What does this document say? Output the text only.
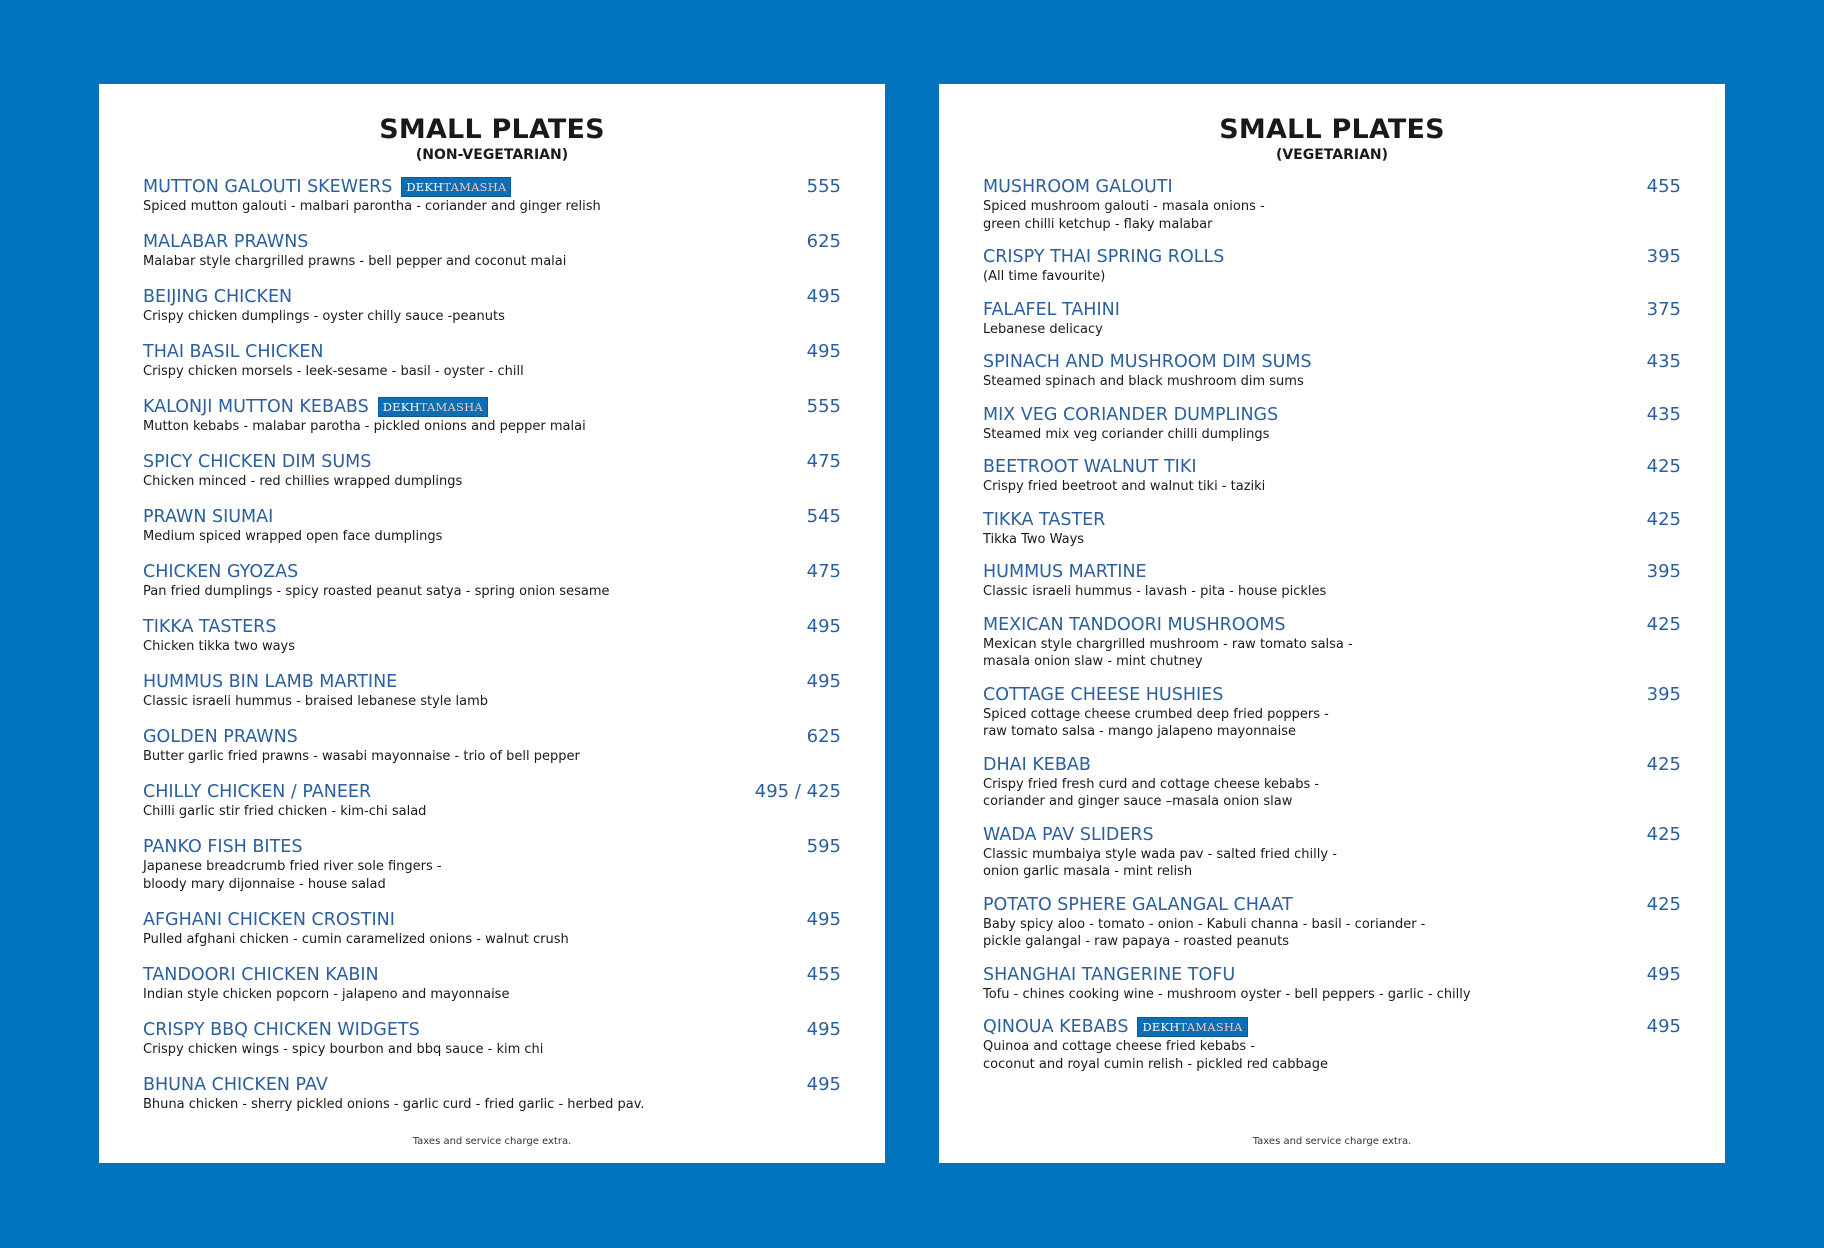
SMALL PLATES
(NON-VEGETARIAN)
MUTTON GALOUTI SKEWERS DEKHTAMASHA	555
Spiced mutton galouti - malbari parontha - coriander and ginger relish
MALABAR PRAWNS	625
Malabar style chargrilled prawns - bell pepper and coconut malai
BEIJING CHICKEN	495
Crispy chicken dumplings - oyster chilly sauce -peanuts
THAI BASIL CHICKEN	495
Crispy chicken morsels - leek-sesame - basil - oyster - chill
KALONJI MUTTON KEBABS DEKHTAMASHA	555
Mutton kebabs - malabar parotha - pickled onions and pepper malai
SPICY CHICKEN DIM SUMS	475
Chicken minced - red chillies wrapped dumplings
PRAWN SIUMAI	545
Medium spiced wrapped open face dumplings
CHICKEN GYOZAS	475
Pan fried dumplings - spicy roasted peanut satya - spring onion sesame
TIKKA TASTERS	495
Chicken tikka two ways
HUMMUS BIN LAMB MARTINE	495
Classic israeli hummus - braised lebanese style lamb
GOLDEN PRAWNS	625
Butter garlic fried prawns - wasabi mayonnaise - trio of bell pepper
CHILLY CHICKEN / PANEER	495 / 425
Chilli garlic stir fried chicken - kim-chi salad
PANKO FISH BITES	595
Japanese breadcrumb fried river sole fingers -
bloody mary dijonnaise - house salad
AFGHANI CHICKEN CROSTINI	495
Pulled afghani chicken - cumin caramelized onions - walnut crush
TANDOORI CHICKEN KABIN	455
Indian style chicken popcorn - jalapeno and mayonnaise
CRISPY BBQ CHICKEN WIDGETS	495
Crispy chicken wings - spicy bourbon and bbq sauce - kim chi
BHUNA CHICKEN PAV	495
Bhuna chicken - sherry pickled onions - garlic curd - fried garlic - herbed pav.
Taxes and service charge extra.
SMALL PLATES
(VEGETARIAN)
MUSHROOM GALOUTI	455
Spiced mushroom galouti - masala onions -
green chilli ketchup - flaky malabar
CRISPY THAI SPRING ROLLS	395
(All time favourite)
FALAFEL TAHINI	375
Lebanese delicacy
SPINACH AND MUSHROOM DIM SUMS	435
Steamed spinach and black mushroom dim sums
MIX VEG CORIANDER DUMPLINGS	435
Steamed mix veg coriander chilli dumplings
BEETROOT WALNUT TIKI	425
Crispy fried beetroot and walnut tiki - taziki
TIKKA TASTER	425
Tikka Two Ways
HUMMUS MARTINE	395
Classic israeli hummus - lavash - pita - house pickles
MEXICAN TANDOORI MUSHROOMS	425
Mexican style chargrilled mushroom - raw tomato salsa -
masala onion slaw - mint chutney
COTTAGE CHEESE HUSHIES	395
Spiced cottage cheese crumbed deep fried poppers -
raw tomato salsa - mango jalapeno mayonnaise
DHAI KEBAB	425
Crispy fried fresh curd and cottage cheese kebabs -
coriander and ginger sauce –masala onion slaw
WADA PAV SLIDERS	425
Classic mumbaiya style wada pav - salted fried chilly -
onion garlic masala - mint relish
POTATO SPHERE GALANGAL CHAAT	425
Baby spicy aloo - tomato - onion - Kabuli channa - basil - coriander -
pickle galangal - raw papaya - roasted peanuts
SHANGHAI TANGERINE TOFU	495
Tofu - chines cooking wine - mushroom oyster - bell peppers - garlic - chilly
QINOUA KEBABS DEKHTAMASHA	495
Quinoa and cottage cheese fried kebabs -
coconut and royal cumin relish - pickled red cabbage
Taxes and service charge extra.
